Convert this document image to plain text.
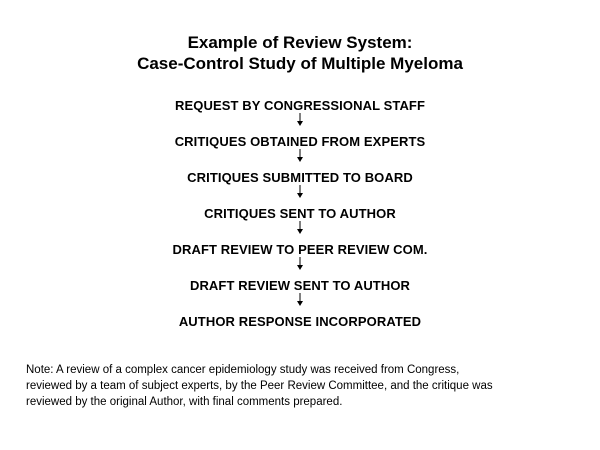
Example of Review System:
Case-Control Study of Multiple Myeloma
REQUEST BY CONGRESSIONAL STAFF
CRITIQUES OBTAINED FROM EXPERTS
CRITIQUES SUBMITTED TO BOARD
CRITIQUES SENT TO AUTHOR
DRAFT REVIEW TO PEER REVIEW COM.
DRAFT REVIEW SENT TO AUTHOR
AUTHOR RESPONSE INCORPORATED
Note: A review of a complex cancer epidemiology study was received from Congress,
reviewed by a team of subject experts, by the Peer Review Committee, and the critique was
reviewed by the original Author, with final comments prepared.
